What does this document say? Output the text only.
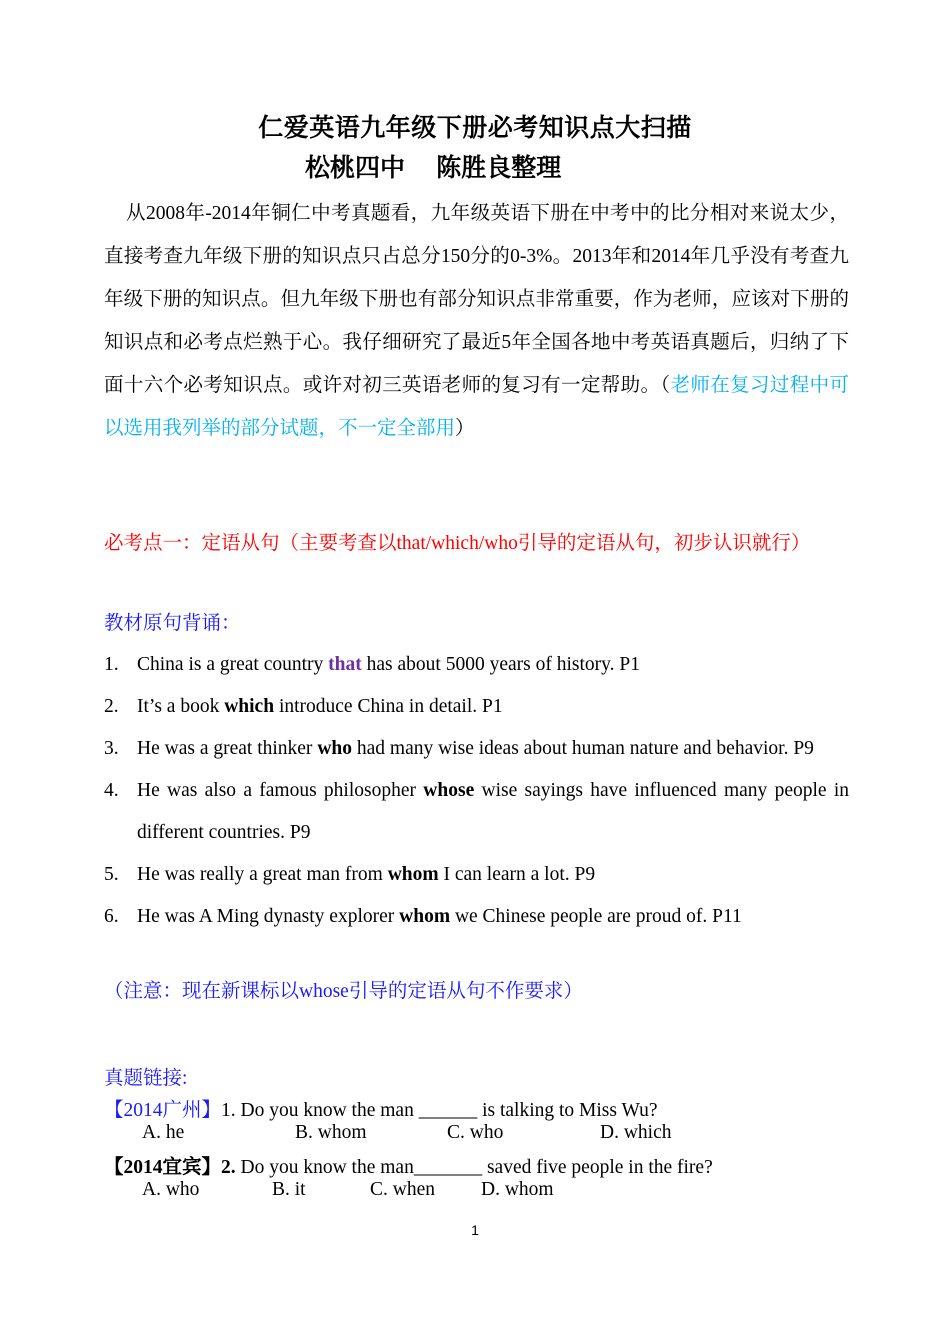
仁爱英语九年级下册必考知识点大扫描
松桃四中　 陈胜良整理
从2008年-2014年铜仁中考真题看，九年级英语下册在中考中的比分相对来说太少，直接考查九年级下册的知识点只占总分150分的0-3%。2013年和2014年几乎没有考查九年级下册的知识点。但九年级下册也有部分知识点非常重要，作为老师，应该对下册的知识点和必考点烂熟于心。我仔细研究了最近5年全国各地中考英语真题后，归纳了下面十六个必考知识点。或许对初三英语老师的复习有一定帮助。（老师在复习过程中可以选用我列举的部分试题，不一定全部用）
必考点一：定语从句（主要考查以that/which/who引导的定语从句，初步认识就行）
教材原句背诵：
1. China is a great country that has about 5000 years of history. P1
2. It’s a book which introduce China in detail. P1
3. He was a great thinker who had many wise ideas about human nature and behavior. P9
4. He was also a famous philosopher whose wise sayings have influenced many people in different countries. P9
5. He was really a great man from whom I can learn a lot. P9
6. He was A Ming dynasty explorer whom we Chinese people are proud of. P11
（注意：现在新课标以whose引导的定语从句不作要求）
真题链接:
【2014广州】1. Do you know the man ______ is talking to Miss Wu?
A. he	B. whom	C. who	D. which
【2014宜宾】2. Do you know the man_______ saved five people in the fire?
A. who	B. it	C. when D. whom
1
